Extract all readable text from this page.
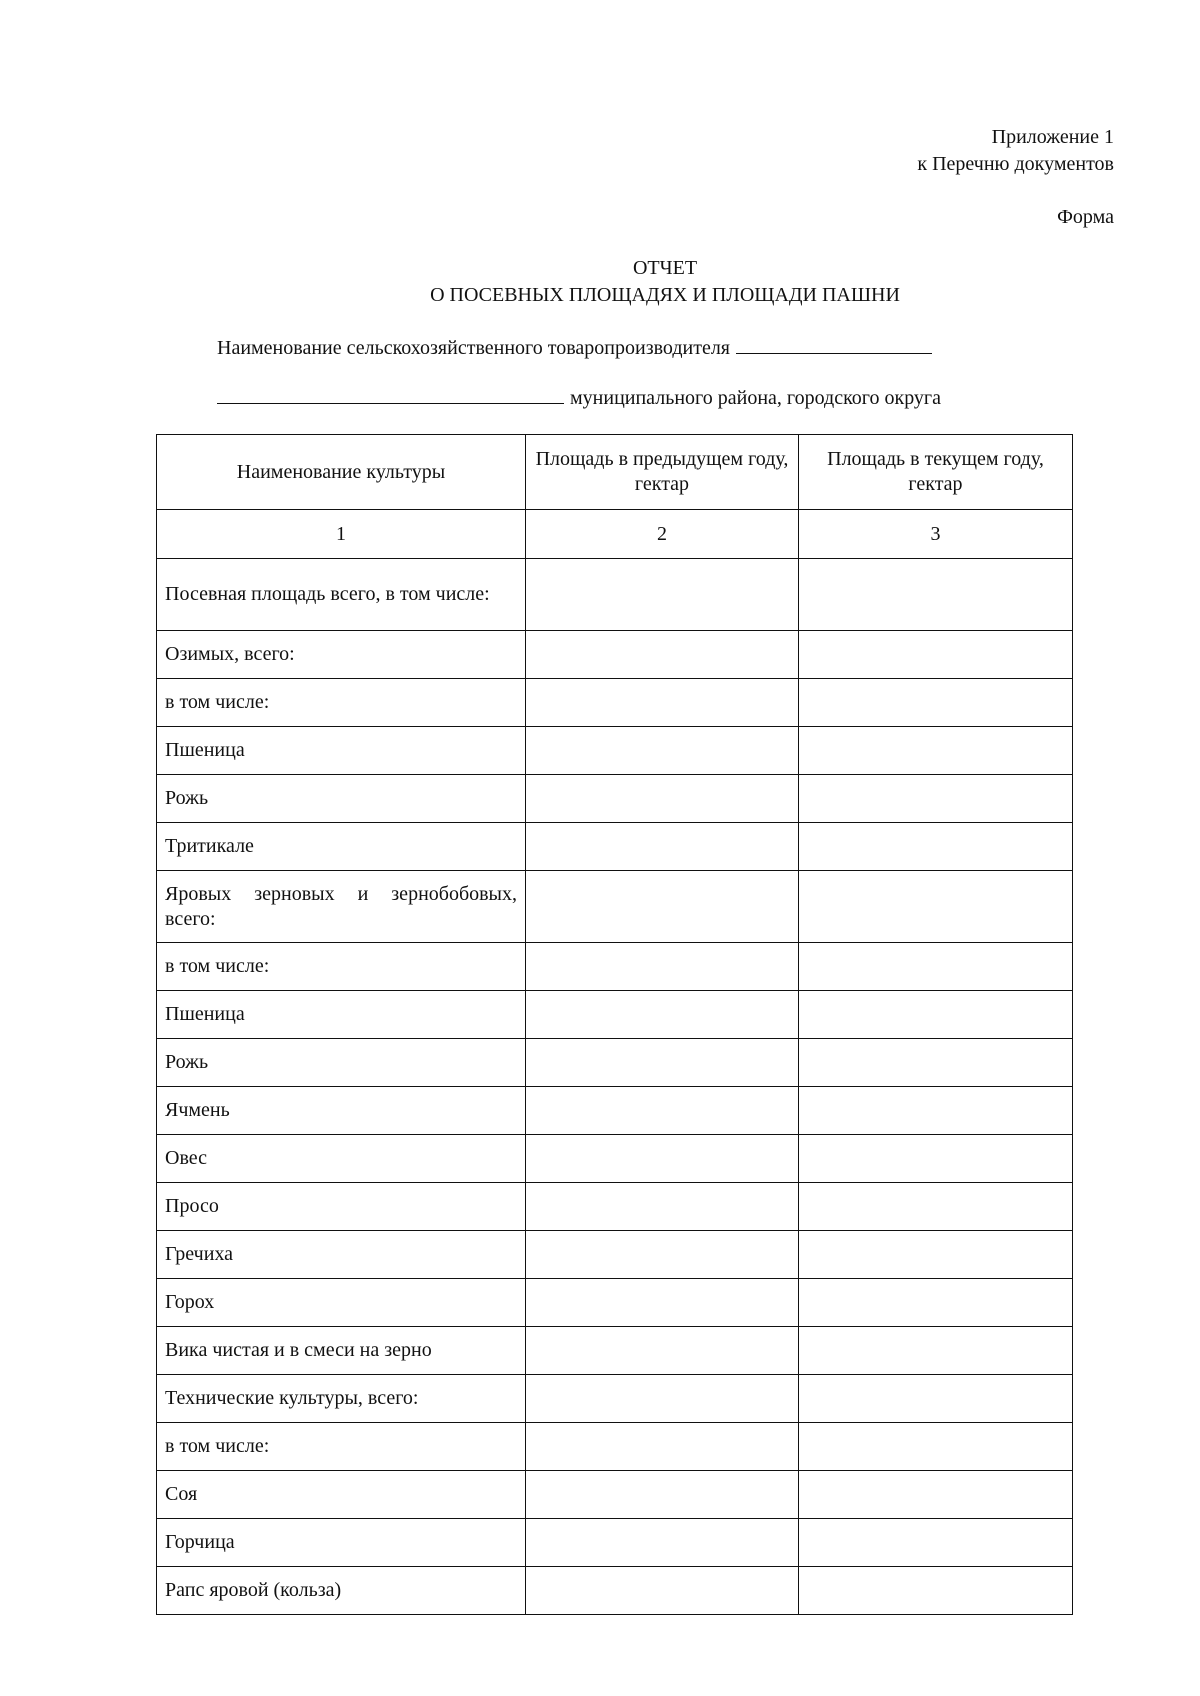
Приложение 1
к Перечню документов
Форма
ОТЧЕТ
О ПОСЕВНЫХ ПЛОЩАДЯХ И ПЛОЩАДИ ПАШНИ
Наименование сельскохозяйственного товаропроизводителя
муниципального района, городского округа
Наименование культуры	Площадь в предыдущем году, гектар	Площадь в текущем году, гектар
1	2	3
Посевная площадь всего, в том числе:		
Озимых, всего:		
в том числе:		
Пшеница		
Рожь		
Тритикале		
Яровых зерновых и зернобобовых, всего:		
в том числе:		
Пшеница		
Рожь		
Ячмень		
Овес		
Просо		
Гречиха		
Горох		
Вика чистая и в смеси на зерно		
Технические культуры, всего:		
в том числе:		
Соя		
Горчица		
Рапс яровой (кольза)		
